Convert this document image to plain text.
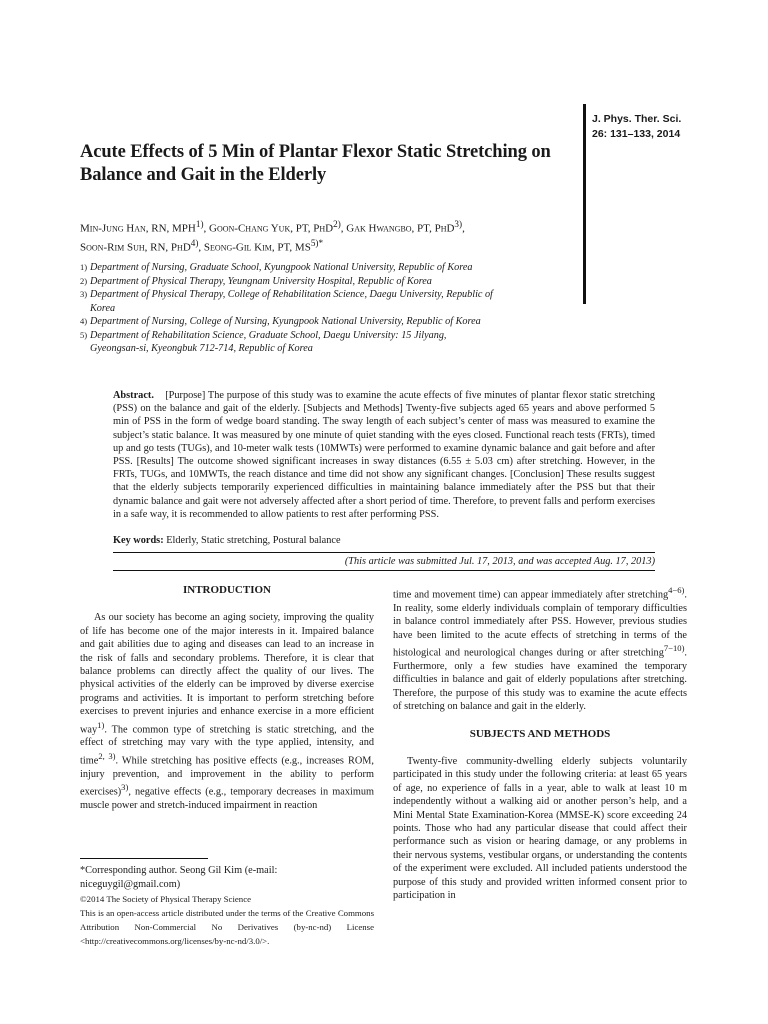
J. Phys. Ther. Sci.
26: 131–133, 2014
Acute Effects of 5 Min of Plantar Flexor Static Stretching on Balance and Gait in the Elderly
Min-Jung Han, RN, MPH$^{1)}$, Goon-Chang Yuk, PT, PhD$^{2)}$, Gak Hwangbo, PT, PhD$^{3)}$,
Soon-Rim Suh, RN, PhD$^{4)}$, Seong-Gil Kim, PT, $MS^{5)*}$
1) Department of Nursing, Graduate School, Kyungpook National University, Republic of Korea
2) Department of Physical Therapy, Yeungnam University Hospital, Republic of Korea
3) Department of Physical Therapy, College of Rehabilitation Science, Daegu University, Republic of
Korea
4) Department of Nursing, College of Nursing, Kyungpook National University, Republic of Korea
5) Department of Rehabilitation Science, Graduate School, Daegu University: 15 Jilyang,
Gyeongsan-si, Kyeongbuk 712-714, Republic of Korea
Abstract. [Purpose] The purpose of this study was to examine the acute effects of five minutes of plantar flexor static stretching (PSS) on the balance and gait of the elderly. [Subjects and Methods] Twenty-five subjects aged 65 years and above performed 5 min of PSS in the form of wedge board standing. The sway length of each subject’s center of mass was measured to examine the subject’s static balance. It was measured by one minute of quiet standing with the eyes closed. Functional reach tests (FRTs), timed up and go tests (TUGs), and 10-meter walk tests (10MWTs) were performed to examine dynamic balance and gait before and after PSS. [Results] The outcome showed significant increases in sway distances (6.55 ± 5.03 cm) after stretching. However, in the FRTs, TUGs, and 10MWTs, the reach distance and time did not show any significant changes. [Conclusion] These results suggest that the elderly subjects temporarily experienced difficulties in maintaining balance immediately after the PSS but that their dynamic balance and gait were not adversely affected after a short period of time. Therefore, to prevent falls and perform exercises in a safe way, it is recommended to allow patients to rest after performing PSS.
Key words: Elderly, Static stretching, Postural balance
(This article was submitted Jul. 17, 2013, and was accepted Aug. 17, 2013)
INTRODUCTION

As our society has become an aging society, improving the quality of life has become one of the major interests in it. Impaired balance and gait abilities due to aging and diseases can lead to an increase in the risk of falls and secondary problems. Therefore, it is clear that balance problems can directly affect the quality of our lives. The physical activities of the elderly can be improved by diverse exercise programs and activities. It is important to perform stretching before exercises to prevent injuries and enhance exercise in a more efficient way$^{1)}$. The common type of stretching is static stretching, and the effect of stretching may vary with the type applied, intensity, and time$^{2, 3)}$. While stretching has positive effects (e.g., increases ROM, injury prevention, and improvement in the ability to perform exercises)$^{3)}$, negative effects (e.g., temporary decreases in maximum muscle power and stretch-induced impairment in reaction

*Corresponding author. Seong Gil Kim (e-mail: niceguygil@gmail.com)
©2014 The Society of Physical Therapy Science
This is an open-access article distributed under the terms of the Creative Commons Attribution Non-Commercial No Derivatives (by-nc-nd) License <http://creativecommons.org/licenses/by-nc-nd/3.0/>.

time and movement time) can appear immediately after stretching$^{4-6)}$. In reality, some elderly individuals complain of temporary difficulties in balance control immediately after PSS. However, previous studies have been limited to the acute effects of stretching in terms of the histological and neurological changes during or after stretching$^{7-10)}$. Furthermore, only a few studies have examined the temporary difficulties in balance and gait of elderly populations after stretching. Therefore, the purpose of this study was to examine the acute effects of stretching on balance and gait in the elderly.

SUBJECTS AND METHODS

Twenty-five community-dwelling elderly subjects voluntarily participated in this study under the following criteria: at least 65 years of age, no experience of falls in a year, able to walk at least 10 m independently without a walking aid or another person’s help, and a Mini Mental State Examination-Korea (MMSE-K) score exceeding 24 points. Those who had any particular disease that could affect their performance such as vision or hearing damage, or any problems in their nervous systems, vestibular organs, or understanding the contents of the experiment were excluded. All included patients understood the purpose of this study and provided written informed consent prior to participation in
